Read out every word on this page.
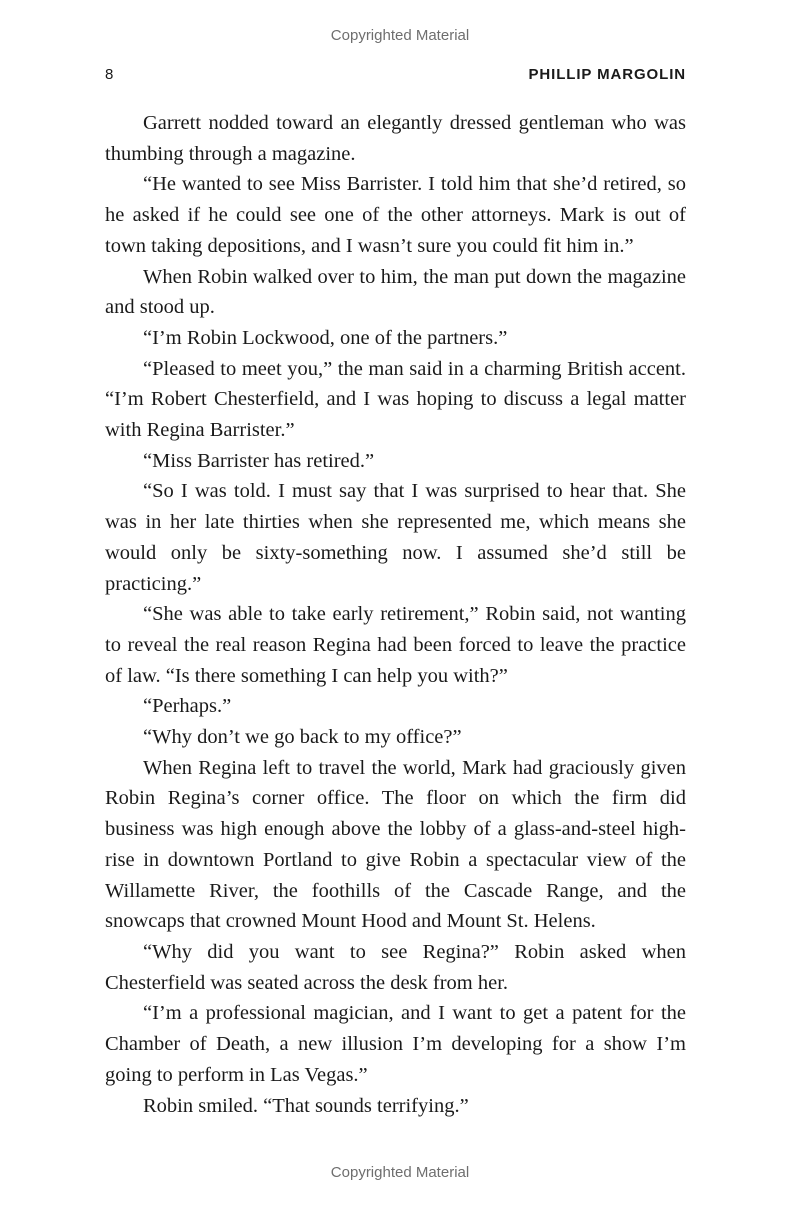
Copyrighted Material
8	PHILLIP MARGOLIN

Garrett nodded toward an elegantly dressed gentleman who was thumbing through a magazine.

“He wanted to see Miss Barrister. I told him that she’d retired, so he asked if he could see one of the other attorneys. Mark is out of town taking depositions, and I wasn’t sure you could fit him in.”

When Robin walked over to him, the man put down the magazine and stood up.

“I’m Robin Lockwood, one of the partners.”

“Pleased to meet you,” the man said in a charming British accent. “I’m Robert Chesterfield, and I was hoping to discuss a legal matter with Regina Barrister.”

“Miss Barrister has retired.”

“So I was told. I must say that I was surprised to hear that. She was in her late thirties when she represented me, which means she would only be sixty-something now. I assumed she’d still be practicing.”

“She was able to take early retirement,” Robin said, not wanting to reveal the real reason Regina had been forced to leave the practice of law. “Is there something I can help you with?”

“Perhaps.”

“Why don’t we go back to my office?”

When Regina left to travel the world, Mark had graciously given Robin Regina’s corner office. The floor on which the firm did business was high enough above the lobby of a glass-and-steel high-rise in downtown Portland to give Robin a spectacular view of the Willamette River, the foothills of the Cascade Range, and the snowcaps that crowned Mount Hood and Mount St. Helens.

“Why did you want to see Regina?” Robin asked when Chesterfield was seated across the desk from her.

“I’m a professional magician, and I want to get a patent for the Chamber of Death, a new illusion I’m developing for a show I’m going to perform in Las Vegas.”

Robin smiled. “That sounds terrifying.”

Copyrighted Material
